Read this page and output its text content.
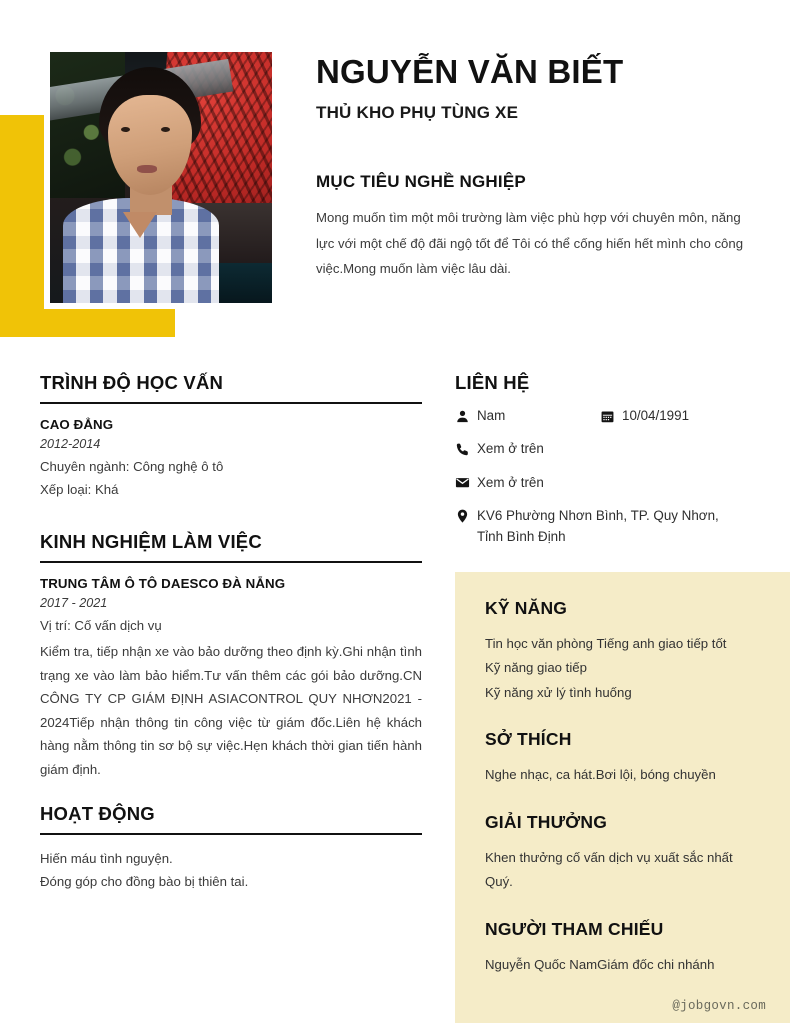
NGUYỄN VĂN BIẾT
THỦ KHO PHỤ TÙNG XE
MỤC TIÊU NGHỀ NGHIỆP
Mong muốn tìm một môi trường làm việc phù hợp với chuyên môn, năng lực với một chế độ đãi ngộ tốt để Tôi có thể cống hiến hết mình cho công việc.Mong muốn làm việc lâu dài.
TRÌNH ĐỘ HỌC VẤN
CAO ĐẲNG
2012-2014
Chuyên ngành: Công nghệ ô tô
Xếp loại: Khá
KINH NGHIỆM LÀM VIỆC
TRUNG TÂM Ô TÔ DAESCO ĐÀ NẴNG
2017 - 2021
Vị trí: Cố vấn dịch vụ
Kiểm tra, tiếp nhận xe vào bảo dưỡng theo định kỳ.Ghi nhận tình trạng xe vào làm bảo hiểm.Tư vấn thêm các gói bảo dưỡng.CN CÔNG TY CP GIÁM ĐỊNH ASIACONTROL QUY NHƠN2021 - 2024Tiếp nhận thông tin công việc từ giám đốc.Liên hệ khách hàng nằm thông tin sơ bộ sự việc.Hẹn khách thời gian tiến hành giám định.
HOẠT ĐỘNG
Hiến máu tình nguyện.
Đóng góp cho đồng bào bị thiên tai.
LIÊN HỆ
Nam	10/04/1991
Xem ở trên
Xem ở trên
KV6 Phường Nhơn Bình, TP. Quy Nhơn, Tỉnh Bình Định
KỸ NĂNG
Tin học văn phòng Tiếng anh giao tiếp tốt
Kỹ năng giao tiếp
Kỹ năng xử lý tình huống
SỞ THÍCH
Nghe nhạc, ca hát.Bơi lội, bóng chuyền
GIẢI THƯỞNG
Khen thưởng cố vấn dịch vụ xuất sắc nhất Quý.
NGƯỜI THAM CHIẾU
Nguyễn Quốc NamGiám đốc chi nhánh
@jobgovn.com
